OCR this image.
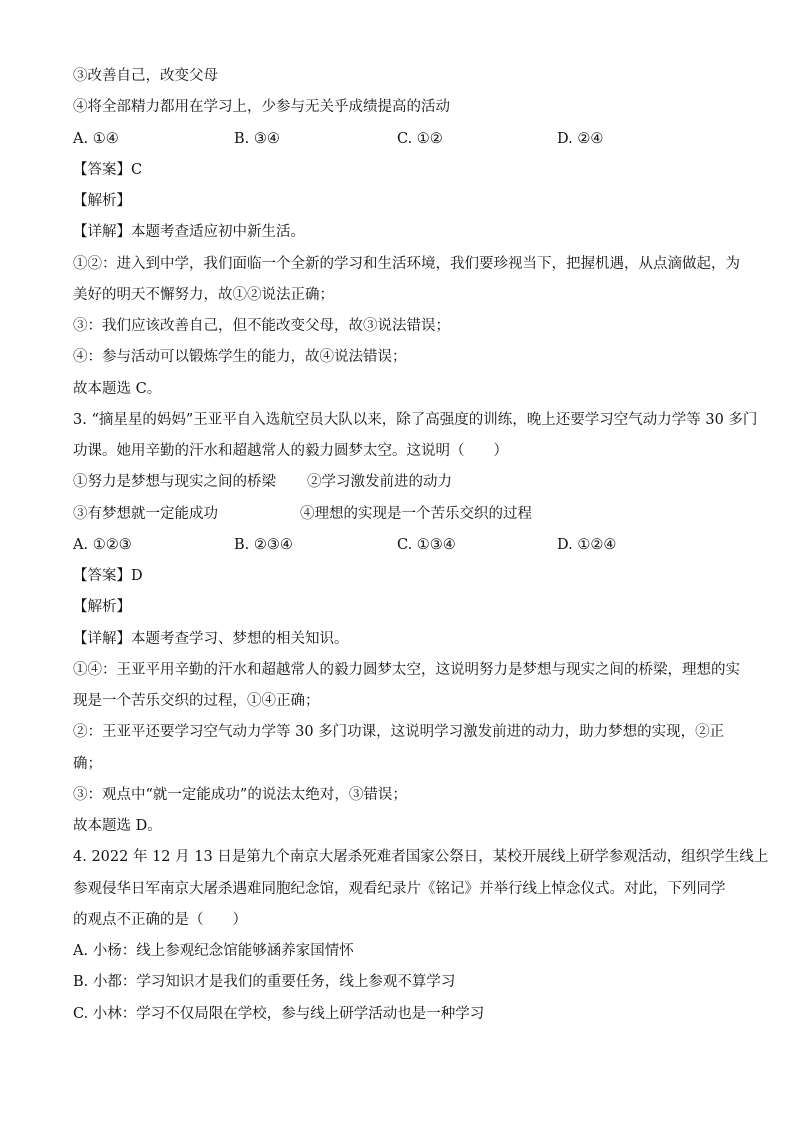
③改善自己，改变父母
④将全部精力都用在学习上，少参与无关乎成绩提高的活动
A. ①④	B. ③④	C. ①②	D. ②④
【答案】C
【解析】
【详解】本题考查适应初中新生活。
①②：进入到中学，我们面临一个全新的学习和生活环境，我们要珍视当下，把握机遇，从点滴做起，为
美好的明天不懈努力，故①②说法正确；
③：我们应该改善自己，但不能改变父母，故③说法错误；
④：参与活动可以锻炼学生的能力，故④说法错误；
故本题选 C。
3. “摘星星的妈妈”王亚平自入选航空员大队以来，除了高强度的训练，晚上还要学习空气动力学等 30 多门
功课。她用辛勤的汗水和超越常人的毅力圆梦太空。这说明（　　）
①努力是梦想与现实之间的桥梁 ②学习激发前进的动力
③有梦想就一定能成功	④理想的实现是一个苦乐交织的过程
A. ①②③	B. ②③④	C. ①③④	D. ①②④
【答案】D
【解析】
【详解】本题考查学习、梦想的相关知识。
①④：王亚平用辛勤的汗水和超越常人的毅力圆梦太空，这说明努力是梦想与现实之间的桥梁，理想的实
现是一个苦乐交织的过程，①④正确；
②：王亚平还要学习空气动力学等 30 多门功课，这说明学习激发前进的动力，助力梦想的实现，②正
确；
③：观点中“就一定能成功”的说法太绝对，③错误；
故本题选 D。
4. 2022 年 12 月 13 日是第九个南京大屠杀死难者国家公祭日，某校开展线上研学参观活动，组织学生线上
参观侵华日军南京大屠杀遇难同胞纪念馆，观看纪录片《铭记》并举行线上悼念仪式。对此，下列同学
的观点不正确的是（　　）
A. 小杨：线上参观纪念馆能够涵养家国情怀
B. 小都：学习知识才是我们的重要任务，线上参观不算学习
C. 小林：学习不仅局限在学校，参与线上研学活动也是一种学习
